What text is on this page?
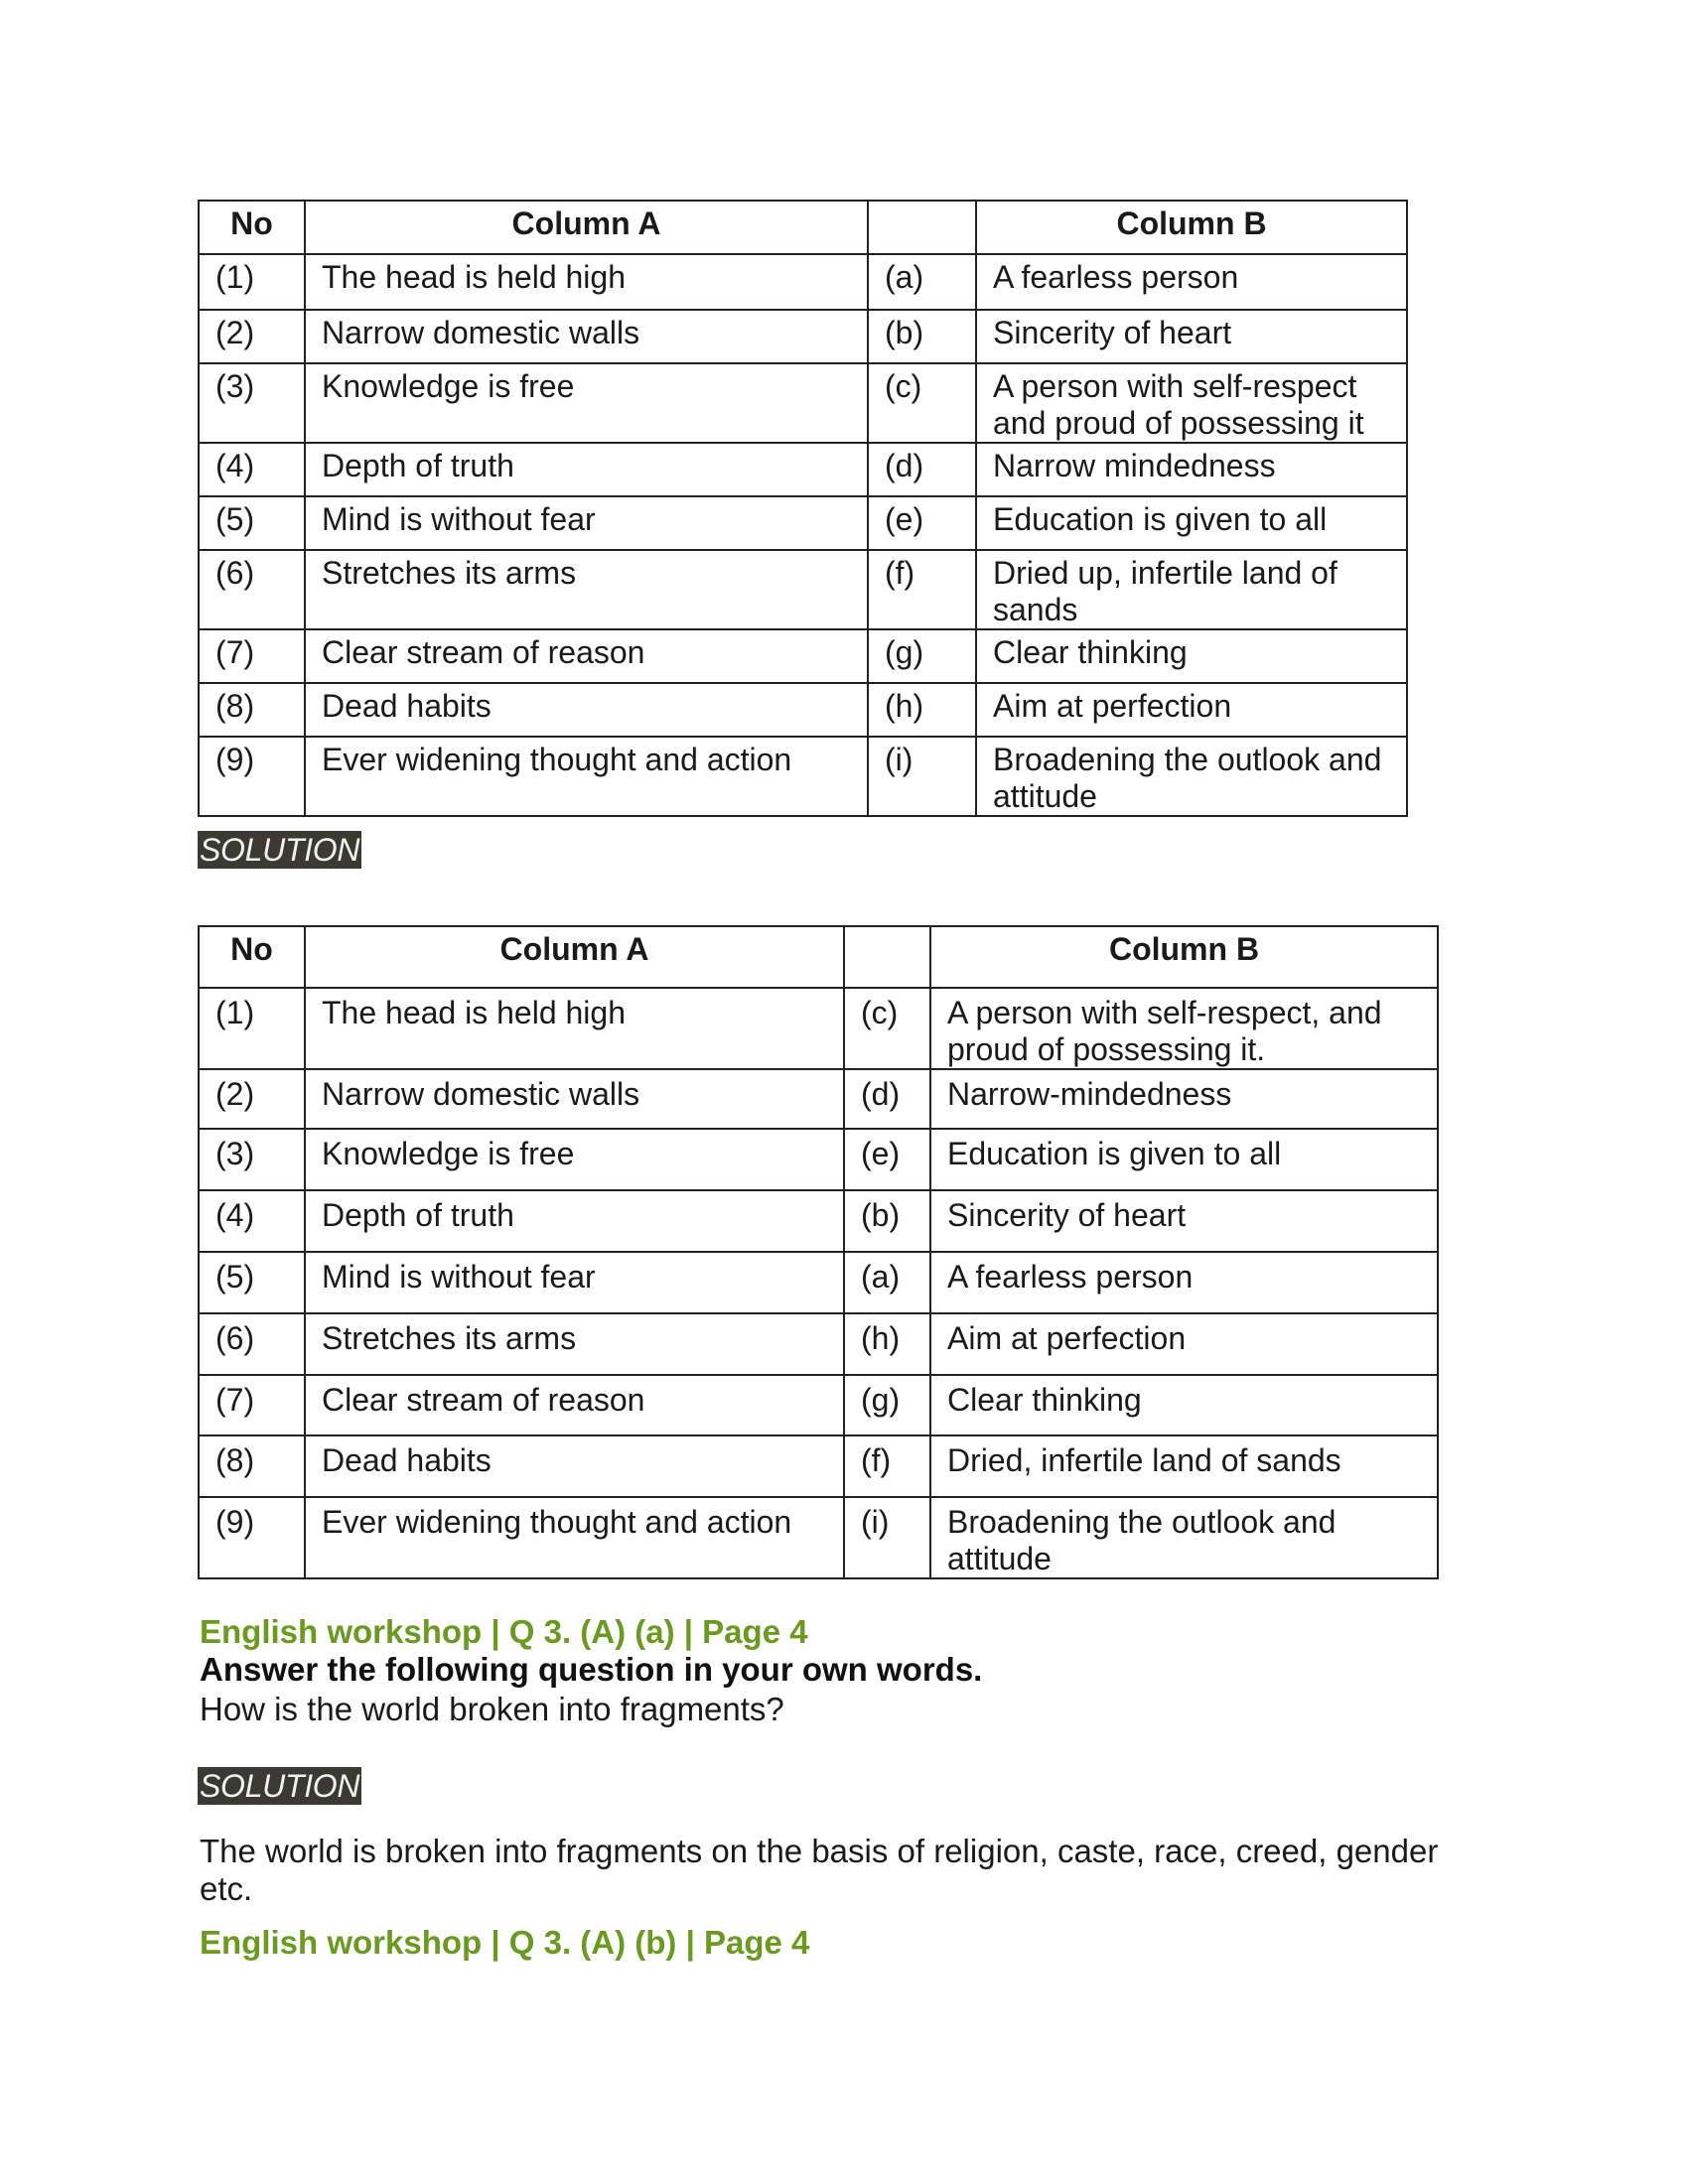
No	Column A		Column B
(1)	The head is held high	(a)	A fearless person
(2)	Narrow domestic walls	(b)	Sincerity of heart
(3)	Knowledge is free	(c)	A person with self-respect and proud of possessing it
(4)	Depth of truth	(d)	Narrow mindedness
(5)	Mind is without fear	(e)	Education is given to all
(6)	Stretches its arms	(f)	Dried up, infertile land of sands
(7)	Clear stream of reason	(g)	Clear thinking
(8)	Dead habits	(h)	Aim at perfection
(9)	Ever widening thought and action	(i)	Broadening the outlook and attitude
SOLUTION
No	Column A		Column B
(1)	The head is held high	(c)	A person with self-respect, and proud of possessing it.
(2)	Narrow domestic walls	(d)	Narrow-mindedness
(3)	Knowledge is free	(e)	Education is given to all
(4)	Depth of truth	(b)	Sincerity of heart
(5)	Mind is without fear	(a)	A fearless person
(6)	Stretches its arms	(h)	Aim at perfection
(7)	Clear stream of reason	(g)	Clear thinking
(8)	Dead habits	(f)	Dried, infertile land of sands
(9)	Ever widening thought and action	(i)	Broadening the outlook and attitude
English workshop | Q 3. (A) (a) | Page 4
Answer the following question in your own words.
How is the world broken into fragments?
SOLUTION
The world is broken into fragments on the basis of religion, caste, race, creed, gender etc.
English workshop | Q 3. (A) (b) | Page 4
